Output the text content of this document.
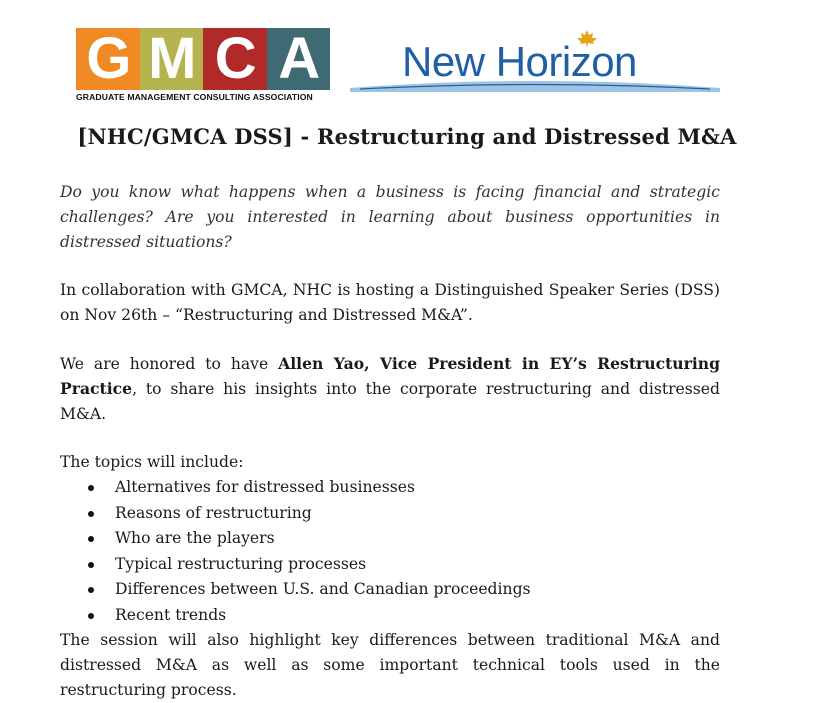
G M C A
GRADUATE MANAGEMENT CONSULTING ASSOCIATION
New Horizon
[NHC/GMCA DSS] - Restructuring and Distressed M&A

Do you know what happens when a business is facing financial and strategic challenges? Are you interested in learning about business opportunities in distressed situations?

In collaboration with GMCA, NHC is hosting a Distinguished Speaker Series (DSS) on Nov 26th – “Restructuring and Distressed M&A”.

We are honored to have Allen Yao, Vice President in EY’s Restructuring Practice, to share his insights into the corporate restructuring and distressed M&A.

The topics will include:

Alternatives for distressed businesses
Reasons of restructuring
Who are the players
Typical restructuring processes
Differences between U.S. and Canadian proceedings
Recent trends

The session will also highlight key differences between traditional M&A and distressed M&A as well as some important technical tools used in the restructuring process.
